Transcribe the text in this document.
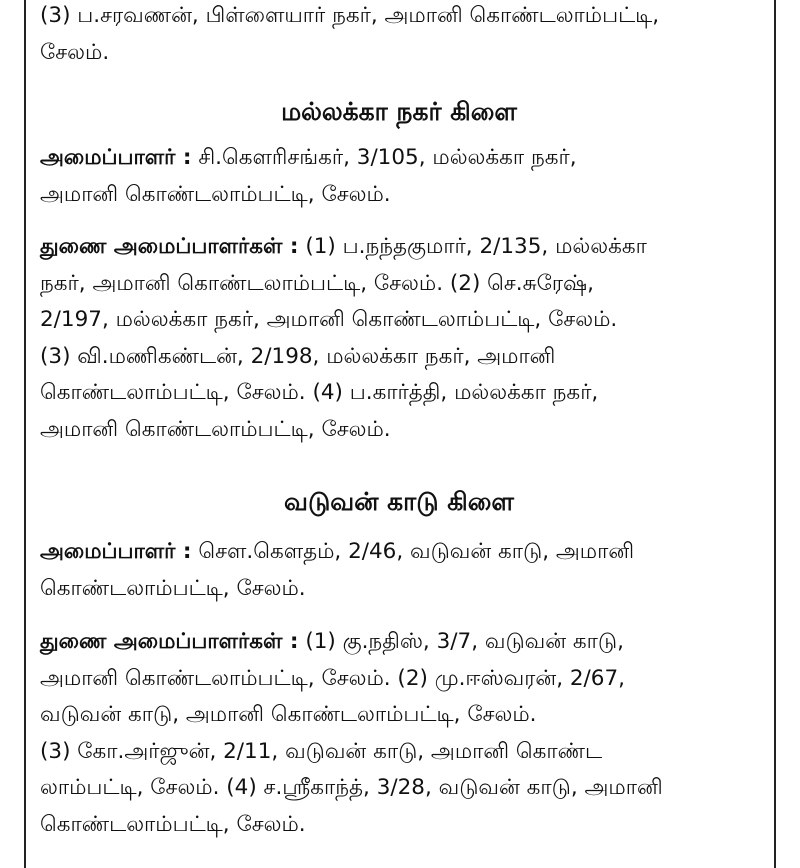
(3) ப.சரவணன், பிள்ளையார் நகர், அமானி கொண்டலாம்பட்டி,
சேலம்.

மல்லக்கா நகர் கிளை

அமைப்பாளர் : சி.கௌரிசங்கர், 3/105, மல்லக்கா நகர்,
அமானி கொண்டலாம்பட்டி, சேலம்.

துணை அமைப்பாளர்கள் : (1) ப.நந்தகுமார், 2/135, மல்லக்கா
நகர், அமானி கொண்டலாம்பட்டி, சேலம். (2) செ.சுரேஷ்,
2/197, மல்லக்கா நகர், அமானி கொண்டலாம்பட்டி, சேலம்.
(3) வி.மணிகண்டன், 2/198, மல்லக்கா நகர், அமானி
கொண்டலாம்பட்டி, சேலம். (4) ப.கார்த்தி, மல்லக்கா நகர்,
அமானி கொண்டலாம்பட்டி, சேலம்.

வடுவன் காடு கிளை

அமைப்பாளர் : சௌ.கௌதம், 2/46, வடுவன் காடு, அமானி
கொண்டலாம்பட்டி, சேலம்.

துணை அமைப்பாளர்கள் : (1) கு.நதிஸ், 3/7, வடுவன் காடு,
அமானி கொண்டலாம்பட்டி, சேலம். (2) மு.ஈஸ்வரன், 2/67,
வடுவன் காடு, அமானி கொண்டலாம்பட்டி, சேலம்.
(3) கோ.அர்ஜுன், 2/11, வடுவன் காடு, அமானி கொண்ட
லாம்பட்டி, சேலம். (4) ச.ஸ்ரீகாந்த், 3/28, வடுவன் காடு, அமானி
கொண்டலாம்பட்டி, சேலம்.
